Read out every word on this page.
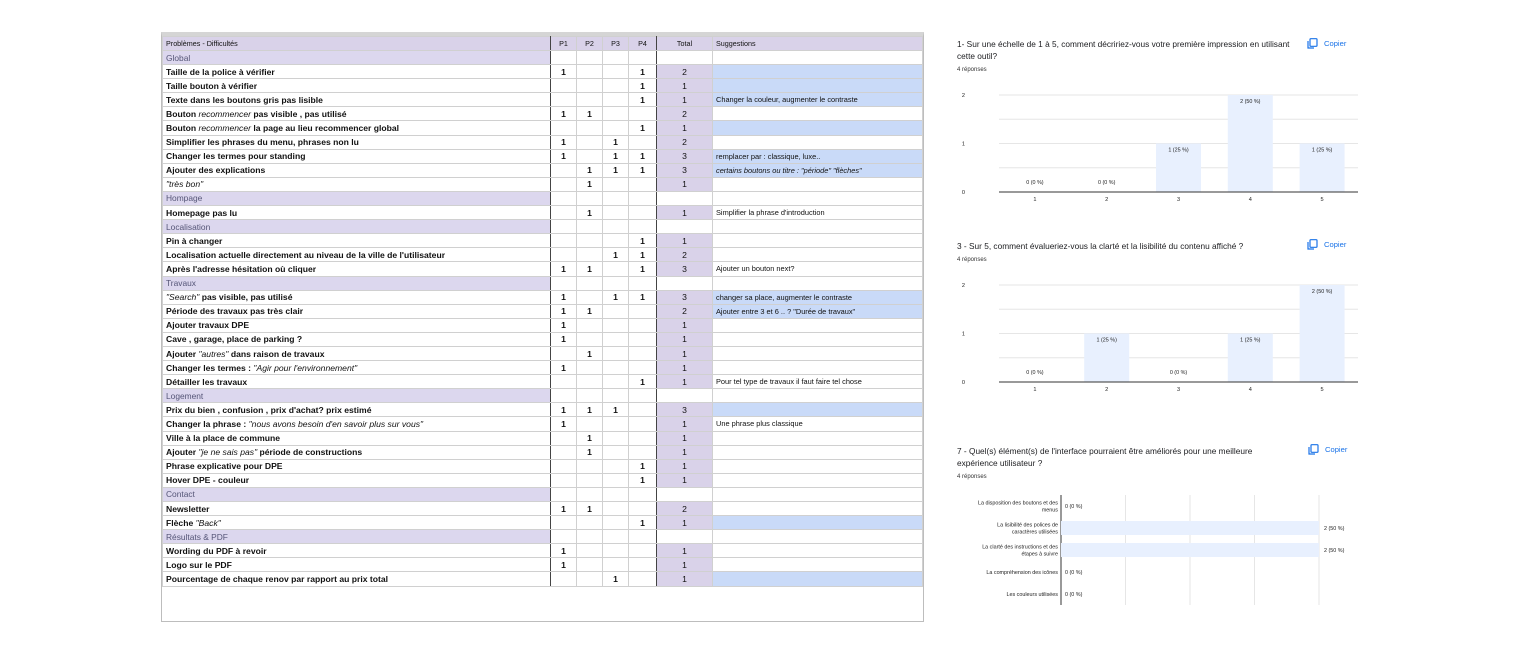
Problèmes - Difficultés	P1	P2	P3	P4	Total	Suggestions
Global						
Taille de la police à vérifier	1			1	2	
Taille bouton à vérifier				1	1	
Texte dans les boutons gris pas lisible				1	1	Changer la couleur, augmenter le contraste
Bouton recommencer pas visible , pas utilisé	1	1			2	
Bouton recommencer la page au lieu recommencer global				1	1	
Simplifier les phrases du menu, phrases non lu	1		1		2	
Changer les termes pour standing	1		1	1	3	remplacer par : classique, luxe..
Ajouter des explications		1	1	1	3	certains boutons ou titre : "période" "flèches"
"très bon"		1			1	
Hompage						
Homepage pas lu		1			1	Simplifier la phrase d'introduction
Localisation						
Pin à changer				1	1	
Localisation actuelle directement au niveau de la ville de l'utilisateur			1	1	2	
Après l'adresse hésitation où cliquer	1	1		1	3	Ajouter un bouton next?
Travaux						
"Search" pas visible, pas utilisé	1		1	1	3	changer sa place, augmenter le contraste
Période des travaux pas très clair	1	1			2	Ajouter entre 3 et 6 .. ? "Durée de travaux"
Ajouter travaux DPE	1				1	
Cave , garage, place de parking ?	1				1	
Ajouter "autres" dans raison de travaux		1			1	
Changer les termes : "Agir pour l'environnement"	1				1	
Détailler les travaux				1	1	Pour tel type de travaux il faut faire tel chose
Logement						
Prix du bien , confusion , prix d'achat? prix estimé	1	1	1		3	
Changer la phrase : "nous avons besoin d'en savoir plus sur vous"	1				1	Une phrase plus classique
Ville à la place de commune		1			1	
Ajouter "je ne sais pas" période de constructions		1			1	
Phrase explicative pour DPE				1	1	
Hover DPE - couleur				1	1	
Contact						
Newsletter	1	1			2	
Flèche "Back"				1	1	
Résultats & PDF						
Wording du PDF à revoir	1				1	
Logo sur le PDF	1				1	
Pourcentage de chaque renov par rapport au prix total			1		1	
1- Sur une échelle de 1 à 5, comment décririez-vous votre première impression en utilisant cette outil?
4 réponses
Copier
0
1
2
0 (0 %)
1
0 (0 %)
2
1 (25 %)
3
2 (50 %)
4
1 (25 %)
5
3 - Sur 5, comment évalueriez-vous la clarté et la lisibilité du contenu affiché ?
4 réponses
Copier
0
1
2
0 (0 %)
1
1 (25 %)
2
0 (0 %)
3
1 (25 %)
4
2 (50 %)
5
7 - Quel(s) élément(s) de l'interface pourraient être améliorés pour une meilleure expérience utilisateur ?
4 réponses
Copier
La disposition des boutons et des
menus
0 (0 %)
La lisibilité des polices de
caractères utilisées
2 (50 %)
La clarté des instructions et des
étapes à suivre
2 (50 %)
La compréhension des icônes 0 (0 %)
Les couleurs utilisées 0 (0 %)
